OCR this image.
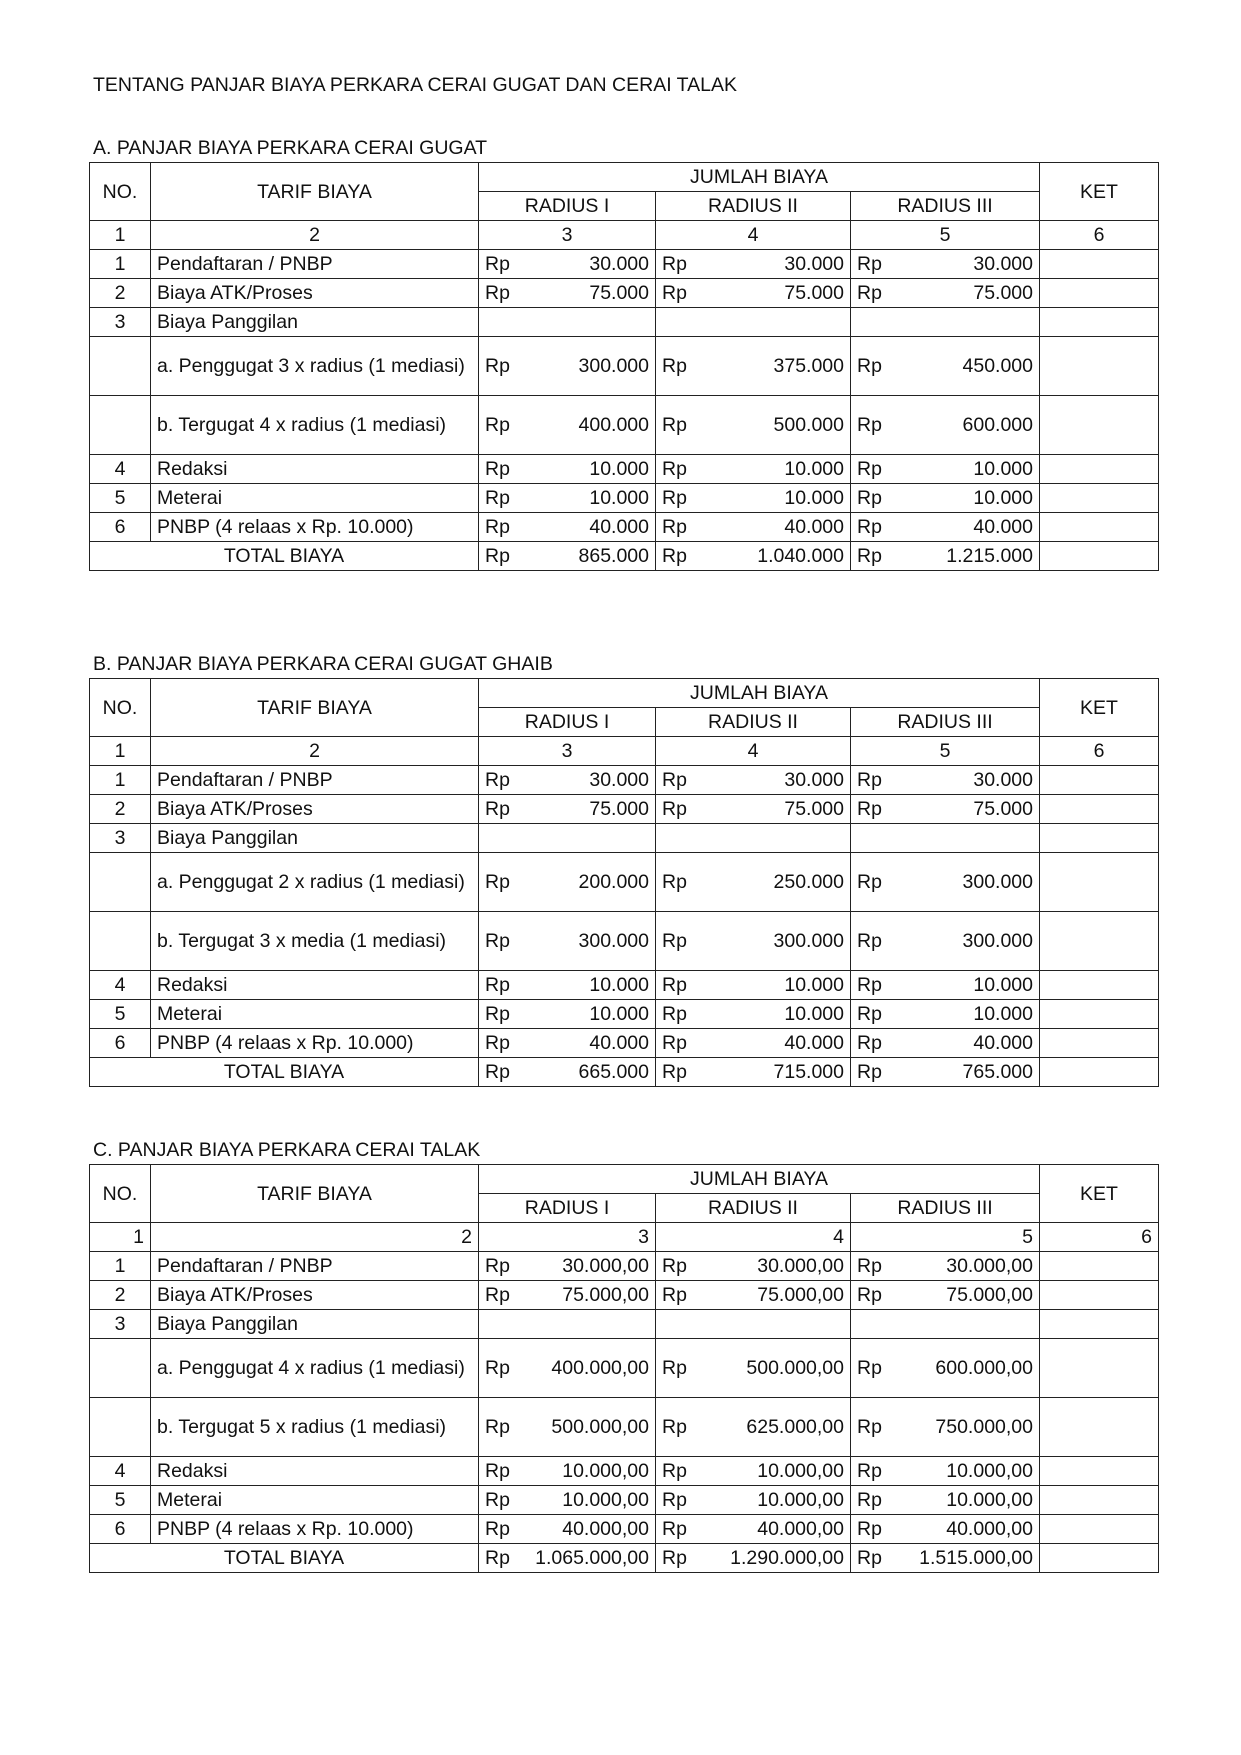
TENTANG PANJAR BIAYA PERKARA CERAI GUGAT DAN CERAI TALAK
A. PANJAR BIAYA PERKARA CERAI GUGAT
NO.	TARIF BIAYA	JUMLAH BIAYA			KET
		RADIUS I	RADIUS II	RADIUS III	
1	2	3	4	5	6
1	Pendaftaran / PNBP	Rp 30.000	Rp 30.000	Rp 30.000	

2	Biaya ATK/Proses	Rp 75.000	Rp 75.000	Rp 75.000	

3	Biaya Panggilan				
	a. Penggugat 3 x radius (1 mediasi)	Rp 300.000	Rp 375.000	Rp 450.000	

	b. Tergugat 4 x radius (1 mediasi)	Rp 400.000	Rp 500.000	Rp 600.000	

4	Redaksi	Rp 10.000	Rp 10.000	Rp 10.000	

5	Meterai	Rp 10.000	Rp 10.000	Rp 10.000	

6	PNBP (4 relaas x Rp. 10.000)	Rp 40.000	Rp 40.000	Rp 40.000	

TOTAL BIAYA		Rp 865.000	Rp 1.040.000	Rp 1.215.000	

B. PANJAR BIAYA PERKARA CERAI GUGAT GHAIB
NO.	TARIF BIAYA	JUMLAH BIAYA			KET
		RADIUS I	RADIUS II	RADIUS III	
1	2	3	4	5	6
1	Pendaftaran / PNBP	Rp 30.000	Rp 30.000	Rp 30.000	

2	Biaya ATK/Proses	Rp 75.000	Rp 75.000	Rp 75.000	

3	Biaya Panggilan				
	a. Penggugat 2 x radius (1 mediasi)	Rp 200.000	Rp 250.000	Rp 300.000	

	b. Tergugat 3 x media (1 mediasi)	Rp 300.000	Rp 300.000	Rp 300.000	

4	Redaksi	Rp 10.000	Rp 10.000	Rp 10.000	

5	Meterai	Rp 10.000	Rp 10.000	Rp 10.000	

6	PNBP (4 relaas x Rp. 10.000)	Rp 40.000	Rp 40.000	Rp 40.000	

TOTAL BIAYA		Rp 665.000	Rp 715.000	Rp 765.000	

C. PANJAR BIAYA PERKARA CERAI TALAK
NO.	TARIF BIAYA	JUMLAH BIAYA			KET
		RADIUS I	RADIUS II	RADIUS III	
1	2	3	4	5	6
1	Pendaftaran / PNBP	Rp 30.000,00	Rp 30.000,00	Rp 30.000,00	

2	Biaya ATK/Proses	Rp 75.000,00	Rp 75.000,00	Rp 75.000,00	

3	Biaya Panggilan				
	a. Penggugat 4 x radius (1 mediasi)	Rp 400.000,00	Rp 500.000,00	Rp 600.000,00	

	b. Tergugat 5 x radius (1 mediasi)	Rp 500.000,00	Rp 625.000,00	Rp 750.000,00	

4	Redaksi	Rp 10.000,00	Rp 10.000,00	Rp 10.000,00	

5	Meterai	Rp 10.000,00	Rp 10.000,00	Rp 10.000,00	

6	PNBP (4 relaas x Rp. 10.000)	Rp 40.000,00	Rp 40.000,00	Rp 40.000,00	

TOTAL BIAYA		Rp 1.065.000,00	Rp 1.290.000,00	Rp 1.515.000,00	
